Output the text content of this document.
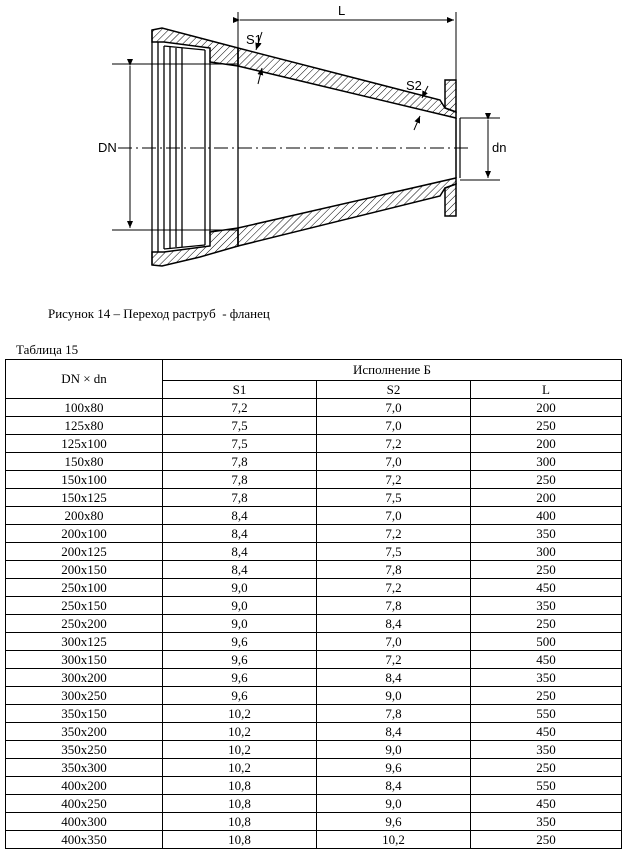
L
DN	dn
S1
S2
Рисунок 14 – Переход раструб  - фланец
Таблица 15
DN × dn	Исполнение Б		
	S1	S2	L
100x80	7,2	7,0	200
125x80	7,5	7,0	250
125x100	7,5	7,2	200
150x80	7,8	7,0	300
150x100	7,8	7,2	250
150x125	7,8	7,5	200
200x80	8,4	7,0	400
200x100	8,4	7,2	350
200x125	8,4	7,5	300
200x150	8,4	7,8	250
250x100	9,0	7,2	450
250x150	9,0	7,8	350
250x200	9,0	8,4	250
300x125	9,6	7,0	500
300x150	9,6	7,2	450
300x200	9,6	8,4	350
300x250	9,6	9,0	250
350x150	10,2	7,8	550
350x200	10,2	8,4	450
350x250	10,2	9,0	350
350x300	10,2	9,6	250
400x200	10,8	8,4	550
400x250	10,8	9,0	450
400x300	10,8	9,6	350
400x350	10,8	10,2	250
